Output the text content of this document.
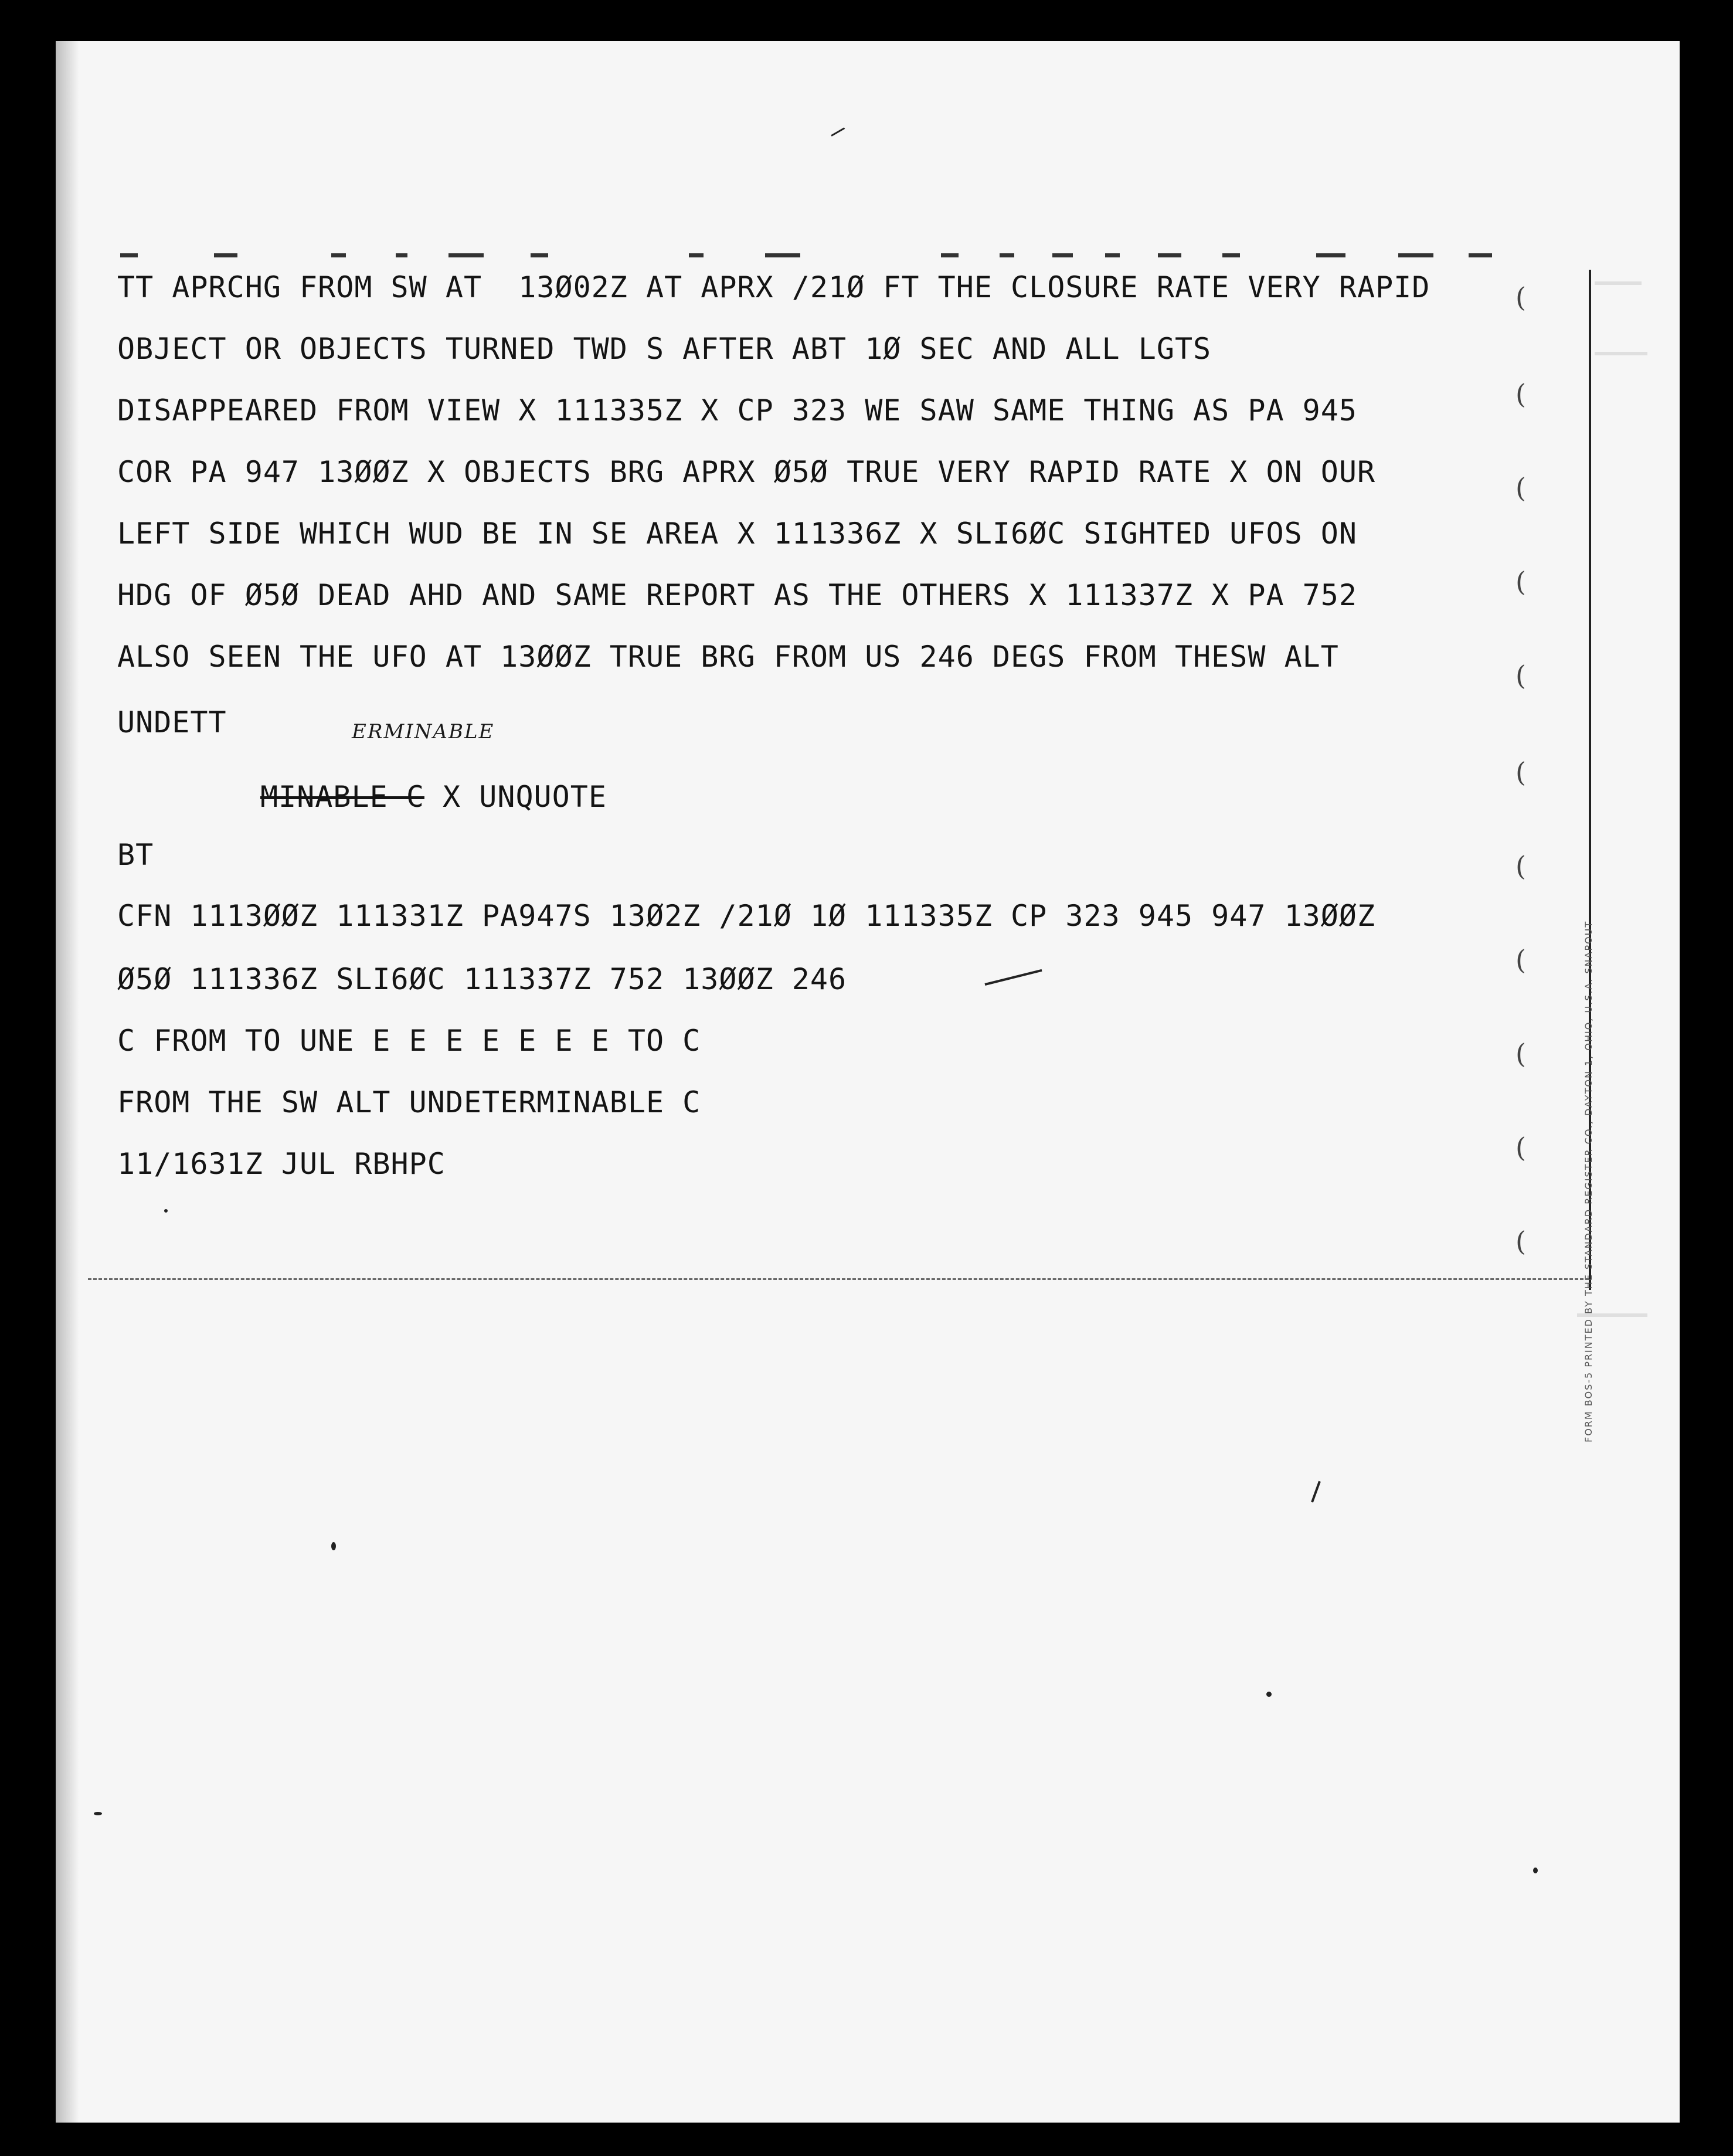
TT APRCHG FROM SW AT  13Ø02Z AT APRX /21Ø FT THE CLOSURE RATE VERY RAPID
OBJECT OR OBJECTS TURNED TWD S AFTER ABT 1Ø SEC AND ALL LGTS
DISAPPEARED FROM VIEW X 111335Z X CP 323 WE SAW SAME THING AS PA 945
COR PA 947 13ØØZ X OBJECTS BRG APRX Ø5Ø TRUE VERY RAPID RATE X ON OUR
LEFT SIDE WHICH WUD BE IN SE AREA X 111336Z X SLI6ØC SIGHTED UFOS ON
HDG OF Ø5Ø DEAD AHD AND SAME REPORT AS THE OTHERS X 111337Z X PA 752
ALSO SEEN THE UFO AT 13ØØZ TRUE BRG FROM US 246 DEGS FROM THESW ALT
UNDETT	ERMINABLE

MINABLE C X UNQUOTE

BT
CFN 1113ØØZ 111331Z PA947S 13Ø2Z /21Ø 1Ø 111335Z CP 323 945 947 13ØØZ
Ø5Ø 111336Z SLI6ØC 111337Z 752 13ØØZ 246
C FROM TO UNE E E E E E E E TO C
FROM THE SW ALT UNDETERMINABLE C
11/1631Z JUL RBHPC
(
(
(
(
(
(
(
(
(
(
(	FORM BOS-5 PRINTED BY THE STANDARD REGISTER CO., DAYTON 1, OHIO, U.S.A. SNAPOUT
